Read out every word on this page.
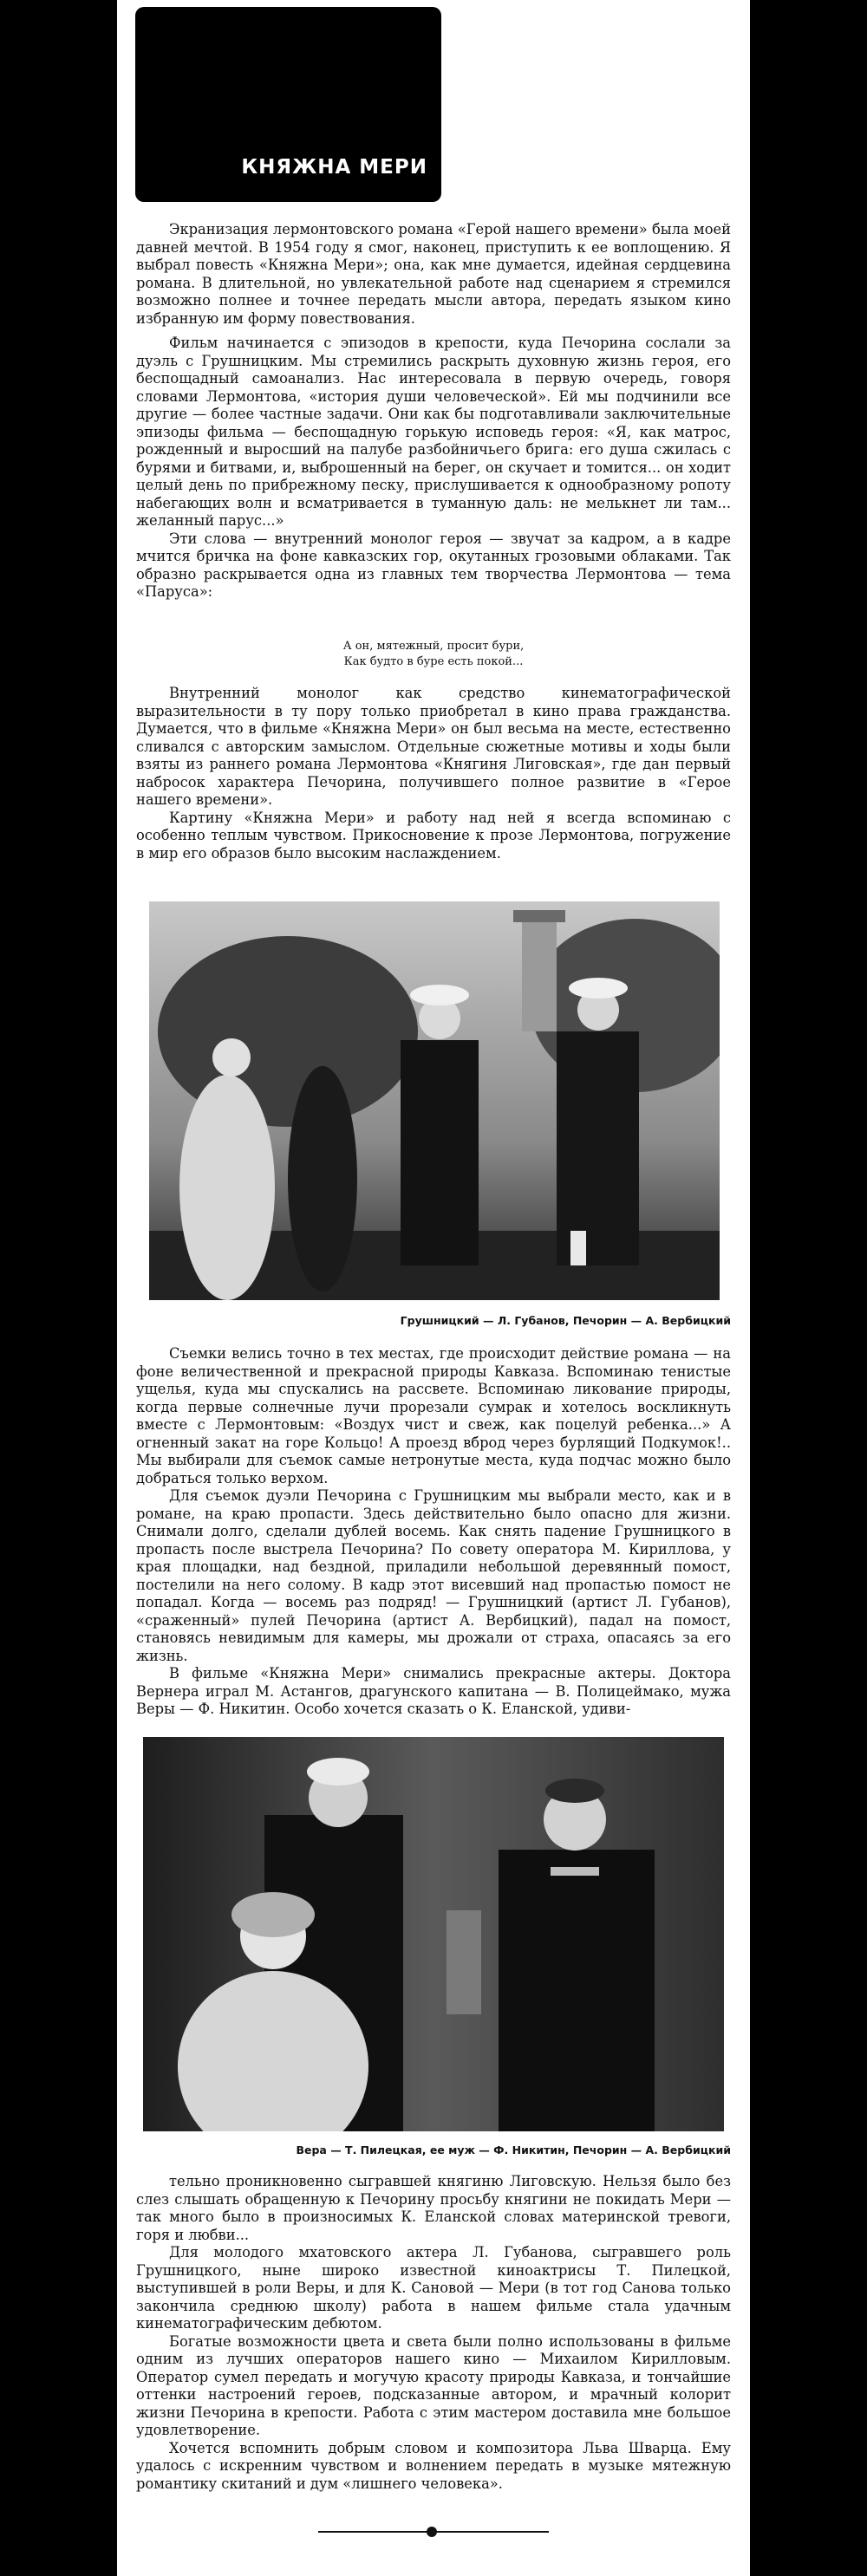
КНЯЖНА МЕРИ

Экранизация лермонтовского романа «Герой нашего времени» была моей давней мечтой. В 1954 году я смог, наконец, приступить к ее воплощению. Я выбрал повесть «Княжна Мери»; она, как мне думается, идейная сердцевина романа. В длительной, но увлекательной работе над сценарием я стремился возможно полнее и точнее передать мысли автора, передать языком кино избранную им форму повествования.

Фильм начинается с эпизодов в крепости, куда Печорина сослали за дуэль с Грушницким. Мы стремились раскрыть духовную жизнь героя, его беспощадный самоанализ. Нас интересовала в первую очередь, говоря словами Лермонтова, «история души человеческой». Ей мы подчинили все другие — более частные задачи. Они как бы подготавливали заключительные эпизоды фильма — беспощадную горькую исповедь героя: «Я, как матрос, рожденный и выросший на палубе разбойничьего брига: его душа сжилась с бурями и битвами, и, выброшенный на берег, он скучает и томится... он ходит целый день по прибрежному песку, прислушивается к однообразному ропоту набегающих волн и всматривается в туманную даль: не мелькнет ли там... желанный парус...»

Эти слова — внутренний монолог героя — звучат за кадром, а в кадре мчится бричка на фоне кавказских гор, окутанных грозовыми облаками. Так образно раскрывается одна из главных тем творчества Лермонтова — тема «Паруса»:

А он, мятежный, просит бури,
Как будто в буре есть покой...

Внутренний монолог как средство кинематографической выразительности в ту пору только приобретал в кино права гражданства. Думается, что в фильме «Княжна Мери» он был весьма на месте, естественно сливался с авторским замыслом. Отдельные сюжетные мотивы и ходы были взяты из раннего романа Лермонтова «Княгиня Лиговская», где дан первый набросок характера Печорина, получившего полное развитие в «Герое нашего времени».

Картину «Княжна Мери» и работу над ней я всегда вспоминаю с особенно теплым чувством. Прикосновение к прозе Лермонтова, погружение в мир его образов было высоким наслаждением.

Грушницкий — Л. Губанов, Печорин — А. Вербицкий

Съемки велись точно в тех местах, где происходит действие романа — на фоне величественной и прекрасной природы Кавказа. Вспоминаю тенистые ущелья, куда мы спускались на рассвете. Вспоминаю ликование природы, когда первые солнечные лучи прорезали сумрак и хотелось воскликнуть вместе с Лермонтовым: «Воздух чист и свеж, как поцелуй ребенка...» А огненный закат на горе Кольцо! А проезд вброд через бурлящий Подкумок!.. Мы выбирали для съемок самые нетронутые места, куда подчас можно было добраться только верхом.

Для съемок дуэли Печорина с Грушницким мы выбрали место, как и в романе, на краю пропасти. Здесь действительно было опасно для жизни. Снимали долго, сделали дублей восемь. Как снять падение Грушницкого в пропасть после выстрела Печорина? По совету оператора М. Кириллова, у края площадки, над бездной, приладили небольшой деревянный помост, постелили на него солому. В кадр этот висевший над пропастью помост не попадал. Когда — восемь раз подряд! — Грушницкий (артист Л. Губанов), «сраженный» пулей Печорина (артист А. Вербицкий), падал на помост, становясь невидимым для камеры, мы дрожали от страха, опасаясь за его жизнь.

В фильме «Княжна Мери» снимались прекрасные актеры. Доктора Вернера играл М. Астангов, драгунского капитана — В. Полицеймако, мужа Веры — Ф. Никитин. Особо хочется сказать о К. Еланской, удиви-

Вера — Т. Пилецкая, ее муж — Ф. Никитин, Печорин — А. Вербицкий

тельно проникновенно сыгравшей княгиню Лиговскую. Нельзя было без слез слышать обращенную к Печорину просьбу княгини не покидать Мери — так много было в произносимых К. Еланской словах материнской тревоги, горя и любви...

Для молодого мхатовского актера Л. Губанова, сыгравшего роль Грушницкого, ныне широко известной киноактрисы Т. Пилецкой, выступившей в роли Веры, и для К. Сановой — Мери (в тот год Санова только закончила среднюю школу) работа в нашем фильме стала удачным кинематографическим дебютом.

Богатые возможности цвета и света были полно использованы в фильме одним из лучших операторов нашего кино — Михаилом Кирилловым. Оператор сумел передать и могучую красоту природы Кавказа, и тончайшие оттенки настроений героев, подсказанные автором, и мрачный колорит жизни Печорина в крепости. Работа с этим мастером доставила мне большое удовлетворение.

Хочется вспомнить добрым словом и композитора Льва Шварца. Ему удалось с искренним чувством и волнением передать в музыке мятежную романтику скитаний и дум «лишнего человека».
